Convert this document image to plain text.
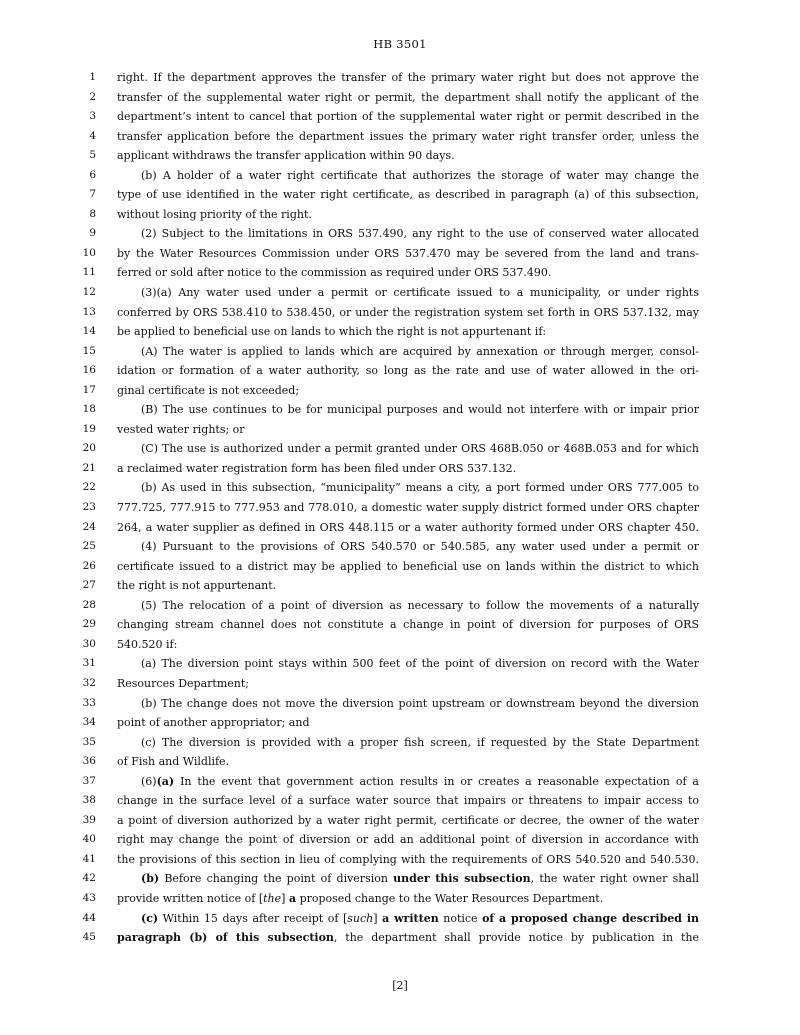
HB 3501
1 right. If the department approves the transfer of the primary water right but does not approve the
2 transfer of the supplemental water right or permit, the department shall notify the applicant of the
3 department’s intent to cancel that portion of the supplemental water right or permit described in the
4 transfer application before the department issues the primary water right transfer order, unless the
5 applicant withdraws the transfer application within 90 days.
6	(b) A holder of a water right certificate that authorizes the storage of water may change the
7 type of use identified in the water right certificate, as described in paragraph (a) of this subsection,
8 without losing priority of the right.
9	(2) Subject to the limitations in ORS 537.490, any right to the use of conserved water allocated
10 by the Water Resources Commission under ORS 537.470 may be severed from the land and trans-
11 ferred or sold after notice to the commission as required under ORS 537.490.
12	(3)(a) Any water used under a permit or certificate issued to a municipality, or under rights
13 conferred by ORS 538.410 to 538.450, or under the registration system set forth in ORS 537.132, may
14 be applied to beneficial use on lands to which the right is not appurtenant if:
15	(A) The water is applied to lands which are acquired by annexation or through merger, consol-
16 idation or formation of a water authority, so long as the rate and use of water allowed in the ori-
17 ginal certificate is not exceeded;
18	(B) The use continues to be for municipal purposes and would not interfere with or impair prior
19 vested water rights; or
20	(C) The use is authorized under a permit granted under ORS 468B.050 or 468B.053 and for which
21 a reclaimed water registration form has been filed under ORS 537.132.
22	(b) As used in this subsection, “municipality” means a city, a port formed under ORS 777.005 to
23 777.725, 777.915 to 777.953 and 778.010, a domestic water supply district formed under ORS chapter
24 264, a water supplier as defined in ORS 448.115 or a water authority formed under ORS chapter 450.
25	(4) Pursuant to the provisions of ORS 540.570 or 540.585, any water used under a permit or
26 certificate issued to a district may be applied to beneficial use on lands within the district to which
27 the right is not appurtenant.
28	(5) The relocation of a point of diversion as necessary to follow the movements of a naturally
29 changing stream channel does not constitute a change in point of diversion for purposes of ORS
30 540.520 if:
31	(a) The diversion point stays within 500 feet of the point of diversion on record with the Water
32 Resources Department;
33	(b) The change does not move the diversion point upstream or downstream beyond the diversion
34 point of another appropriator; and
35	(c) The diversion is provided with a proper fish screen, if requested by the State Department
36 of Fish and Wildlife.
37	(6)(a) In the event that government action results in or creates a reasonable expectation of a
38 change in the surface level of a surface water source that impairs or threatens to impair access to
39 a point of diversion authorized by a water right permit, certificate or decree, the owner of the water
40 right may change the point of diversion or add an additional point of diversion in accordance with
41 the provisions of this section in lieu of complying with the requirements of ORS 540.520 and 540.530.
42	(b) Before changing the point of diversion under this subsection, the water right owner shall
43 provide written notice of [the] a proposed change to the Water Resources Department.
44	(c) Within 15 days after receipt of [such] a written notice of a proposed change described in
45 paragraph (b) of this subsection, the department shall provide notice by publication in the
[2]
